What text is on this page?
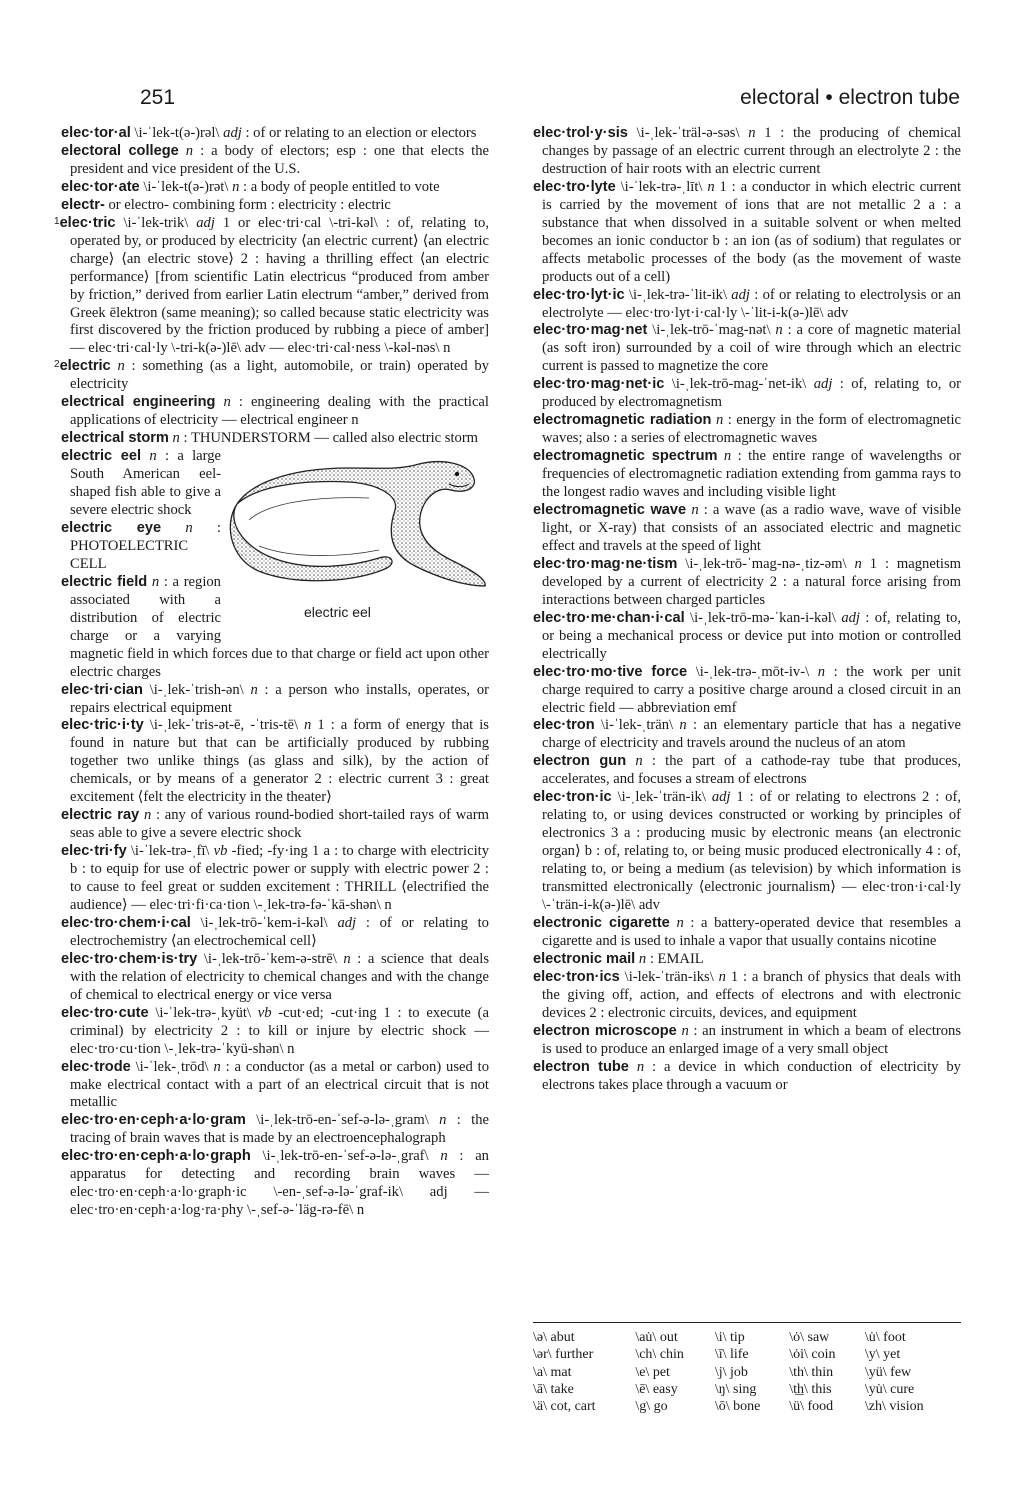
251	electoral • electron tube

elec·tor·al \i-ˈlek-t(ə-)rəl\ adj : of or relating to an election or electors

electoral college n : a body of electors; esp : one that elects the president and vice president of the U.S.

elec·tor·ate \i-ˈlek-t(ə-)rət\ n : a body of people entitled to vote

electr- or electro- combining form : electricity : electric

$^1$elec·tric \i-ˈlek-trik\ adj 1 or elec·tri·cal \-tri-kəl\ : of, relating to, operated by, or produced by electricity ⟨an electric current⟩ ⟨an electric charge⟩ ⟨an electric stove⟩ 2 : having a thrilling effect ⟨an electric performance⟩ [from scientific Latin electricus “produced from amber by friction,” derived from earlier Latin electrum “amber,” derived from Greek ēlektron (same meaning); so called because static electricity was first discovered by the friction produced by rubbing a piece of amber] — elec·tri·cal·ly \-tri-k(ə-)lē\ adv — elec·tri·cal·ness \-kəl-nəs\ n

$^2$electric n : something (as a light, automobile, or train) operated by electricity

electrical engineering n : engineering dealing with the practical applications of electricity — electrical engineer n

electrical storm n : THUNDERSTORM — called also electric storm

electric eel
electric eel n : a large South American eel-shaped fish able to give a severe electric shock

electric eye n : PHOTOELECTRIC CELL

electric field n : a region associated with a distribution of electric charge or a varying magnetic field in which forces due to that charge or field act upon other electric charges

elec·tri·cian \i-ˌlek-ˈtrish-ən\ n : a person who installs, operates, or repairs electrical equipment

elec·tric·i·ty \i-ˌlek-ˈtris-ət-ē, -ˈtris-tē\ n 1 : a form of energy that is found in nature but that can be artificially produced by rubbing together two unlike things (as glass and silk), by the action of chemicals, or by means of a generator 2 : electric current 3 : great excitement ⟨felt the electricity in the theater⟩

electric ray n : any of various round-bodied short-tailed rays of warm seas able to give a severe electric shock

elec·tri·fy \i-ˈlek-trə-ˌfī\ vb -fied; -fy·ing 1 a : to charge with electricity b : to equip for use of electric power or supply with electric power 2 : to cause to feel great or sudden excitement : THRILL ⟨electrified the audience⟩ — elec·tri·fi·ca·tion \-ˌlek-trə-fə-ˈkā-shən\ n

elec·tro·chem·i·cal \i-ˌlek-trō-ˈkem-i-kəl\ adj : of or relating to electrochemistry ⟨an electrochemical cell⟩

elec·tro·chem·is·try \i-ˌlek-trō-ˈkem-ə-strē\ n : a science that deals with the relation of electricity to chemical changes and with the change of chemical to electrical energy or vice versa

elec·tro·cute \i-ˈlek-trə-ˌkyüt\ vb -cut·ed; -cut·ing 1 : to execute (a criminal) by electricity 2 : to kill or injure by electric shock — elec·tro·cu·tion \-ˌlek-trə-ˈkyü-shən\ n

elec·trode \i-ˈlek-ˌtrōd\ n : a conductor (as a metal or carbon) used to make electrical contact with a part of an electrical circuit that is not metallic

elec·tro·en·ceph·a·lo·gram \i-ˌlek-trō-en-ˈsef-ə-lə-ˌgram\ n : the tracing of brain waves that is made by an electroencephalograph

elec·tro·en·ceph·a·lo·graph \i-ˌlek-trō-en-ˈsef-ə-lə-ˌgraf\ n : an apparatus for detecting and recording brain waves — elec·tro·en·ceph·a·lo·graph·ic \-en-ˌsef-ə-lə-ˈgraf-ik\ adj — elec·tro·en·ceph·a·log·ra·phy \-ˌsef-ə-ˈläg-rə-fē\ n

elec·trol·y·sis \i-ˌlek-ˈträl-ə-səs\ n 1 : the producing of chemical changes by passage of an electric current through an electrolyte 2 : the destruction of hair roots with an electric current

elec·tro·lyte \i-ˈlek-trə-ˌlīt\ n 1 : a conductor in which electric current is carried by the movement of ions that are not metallic 2 a : a substance that when dissolved in a suitable solvent or when melted becomes an ionic conductor b : an ion (as of sodium) that regulates or affects metabolic processes of the body (as the movement of waste products out of a cell)

elec·tro·lyt·ic \i-ˌlek-trə-ˈlit-ik\ adj : of or relating to electrolysis or an electrolyte — elec·tro·lyt·i·cal·ly \-ˈlit-i-k(ə-)lē\ adv

elec·tro·mag·net \i-ˌlek-trō-ˈmag-nət\ n : a core of magnetic material (as soft iron) surrounded by a coil of wire through which an electric current is passed to magnetize the core

elec·tro·mag·net·ic \i-ˌlek-trō-mag-ˈnet-ik\ adj : of, relating to, or produced by electromagnetism

electromagnetic radiation n : energy in the form of electromagnetic waves; also : a series of electromagnetic waves

electromagnetic spectrum n : the entire range of wavelengths or frequencies of electromagnetic radiation extending from gamma rays to the longest radio waves and including visible light

electromagnetic wave n : a wave (as a radio wave, wave of visible light, or X-ray) that consists of an associated electric and magnetic effect and travels at the speed of light

elec·tro·mag·ne·tism \i-ˌlek-trō-ˈmag-nə-ˌtiz-əm\ n 1 : magnetism developed by a current of electricity 2 : a natural force arising from interactions between charged particles

elec·tro·me·chan·i·cal \i-ˌlek-trō-mə-ˈkan-i-kəl\ adj : of, relating to, or being a mechanical process or device put into motion or controlled electrically

elec·tro·mo·tive force \i-ˌlek-trə-ˌmōt-iv-\ n : the work per unit charge required to carry a positive charge around a closed circuit in an electric field — abbreviation emf

elec·tron \i-ˈlek-ˌträn\ n : an elementary particle that has a negative charge of electricity and travels around the nucleus of an atom

electron gun n : the part of a cathode-ray tube that produces, accelerates, and focuses a stream of electrons

elec·tron·ic \i-ˌlek-ˈträn-ik\ adj 1 : of or relating to electrons 2 : of, relating to, or using devices constructed or working by principles of electronics 3 a : producing music by electronic means ⟨an electronic organ⟩ b : of, relating to, or being music produced electronically 4 : of, relating to, or being a medium (as television) by which information is transmitted electronically ⟨electronic journalism⟩ — elec·tron·i·cal·ly \-ˈträn-i-k(ə-)lē\ adv

electronic cigarette n : a battery-operated device that resembles a cigarette and is used to inhale a vapor that usually contains nicotine

electronic mail n : EMAIL

elec·tron·ics \i-lek-ˈträn-iks\ n 1 : a branch of physics that deals with the giving off, action, and effects of electrons and with electronic devices 2 : electronic circuits, devices, and equipment

electron microscope n : an instrument in which a beam of electrons is used to produce an enlarged image of a very small object

electron tube n : a device in which conduction of electricity by electrons takes place through a vacuum or

\ə\ abut	\au̇\ out	\i\ tip	\ȯ\ saw	\u̇\ foot
\ər\ further	\ch\ chin	\ī\ life	\ȯi\ coin	\y\ yet
\a\ mat	\e\ pet	\j\ job	\th\ thin	\yü\ few
\ā\ take	\ē\ easy	\ŋ\ sing	\t͟h\ this	\yu̇\ cure
\ä\ cot, cart	\g\ go	\ō\ bone	\ü\ food	\zh\ vision
